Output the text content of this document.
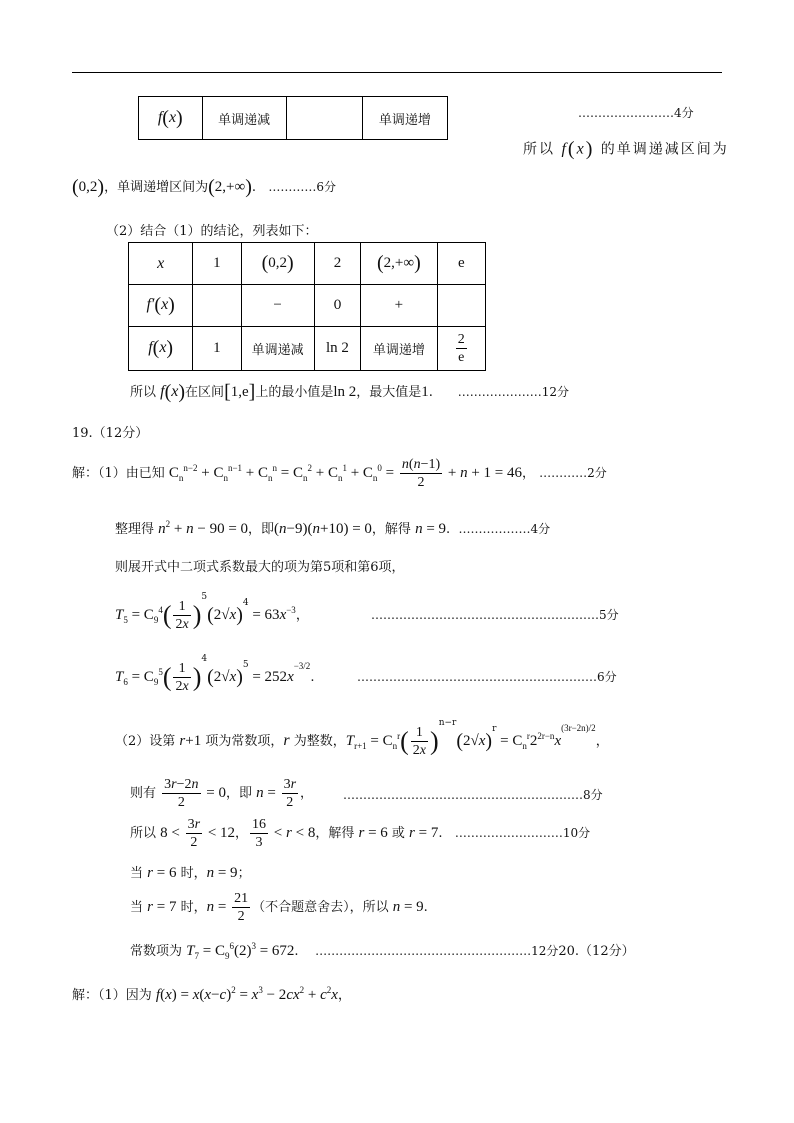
f(x)	单调递减		单调递增	……………………4分
所以 f(x) 的单调递减区间为
(0,2)，单调递增区间为(2,+∞).   …………6分
（2）结合（1）的结论，列表如下：
x	1	(0,2)	2	(2,+∞)	e
f′(x)		−	0	+	
f(x)	1	单调递减	ln 2	单调递增	$\frac{2}{e}$
所以 f(x)在区间[1,e]上的最小值是ln 2，最大值是1.      …………………12分
19.（12分）
解：（1）由已知 $C_n^{n-2} + C_n^{n-1} + C_n^n = C_n^2 + C_n^1 + C_n^0 = \frac{n(n-1)}{2} + n + 1 = 46$， …………2分
整理得 $n^2 + n - 90 = 0$，即(n−9)(n+10) = 0，解得 n = 9.  ………………4分
则展开式中二项式系数最大的项为第5项和第6项，
$T_5 = C_9^4( \frac{1}{2x} )^5(2√x)^4 = 63x^{-3}$，	…………………………………………………5分
$T_6 = C_9^5( \frac{1}{2x} )^4(2√x)^5 = 252x^{-3/2}$.	……………………………………………………6分
（2）设第 r+1 项为常数项，r 为整数，$T_{r+1} = C_n^r( \frac{1}{2x} )^{n-r}(2√x)^r = C_n^r2^{2r-n}x^{(3r-2n)/2}$，
则有 $\frac{3r-2n}{2} = 0$，即 $n = \frac{3r}{2}$ ， ……………………………………………………8分
所以 $8 < \frac{3r}{2} < 12$， $\frac{16}{3} < r < 8$，解得 r = 6 或 r = 7.   ………………………10分
当 r = 6 时，n = 9；
当 r = 7 时，$n = \frac{21}{2}$ （不合题意舍去），所以 n = 9.
常数项为 $T_7 = C_9^6(2)^3 = 672$.    ………………………………………………12分20.（12分）
解：（1）因为 $f(x) = x(x-c)^2 = x^3 - 2cx^2 + c^2x$，
